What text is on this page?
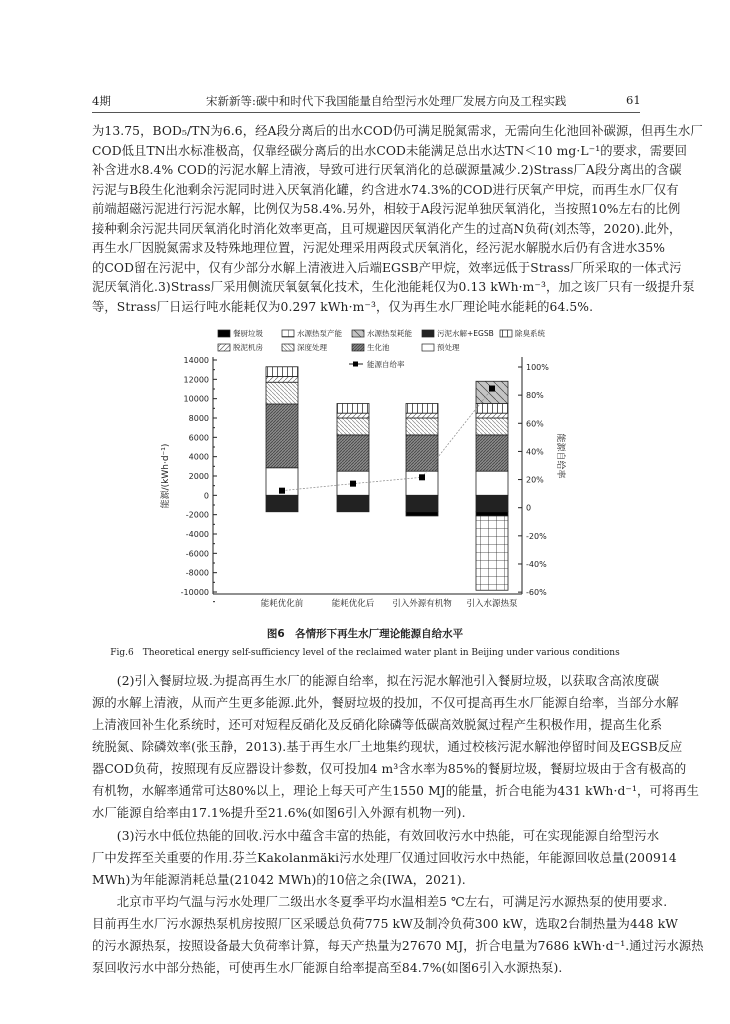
4期	宋新新等:碳中和时代下我国能量自给型污水处理厂发展方向及工程实践	61
为13.75，BOD₅/TN为6.6，经A段分离后的出水COD仍可满足脱氮需求，无需向生化池回补碳源，但再生水厂
COD低且TN出水标准极高，仅靠经碳分离后的出水COD未能满足总出水达TN＜10 mg·L⁻¹的要求，需要回
补含进水8.4% COD的污泥水解上清液，导致可进行厌氧消化的总碳源量减少.2)Strass厂A段分离出的含碳
污泥与B段生化池剩余污泥同时进入厌氧消化罐，约含进水74.3%的COD进行厌氧产甲烷，而再生水厂仅有
前端超磁污泥进行污泥水解，比例仅为58.4%.另外，相较于A段污泥单独厌氧消化，当按照10%左右的比例
接种剩余污泥共同厌氧消化时消化效率更高，且可规避因厌氧消化产生的过高N负荷(刘杰等，2020).此外，
再生水厂因脱氮需求及特殊地理位置，污泥处理采用两段式厌氧消化，经污泥水解脱水后仍有含进水35%
的COD留在污泥中，仅有少部分水解上清液进入后端EGSB产甲烷，效率远低于Strass厂所采取的一体式污
泥厌氧消化.3)Strass厂采用侧流厌氧氨氧化技术，生化池能耗仅为0.13 kWh·m⁻³，加之该厂只有一级提升泵
等，Strass厂日运行吨水能耗仅为0.297 kWh·m⁻³，仅为再生水厂理论吨水能耗的64.5%.
　　(2)引入餐厨垃圾.为提高再生水厂的能源自给率，拟在污泥水解池引入餐厨垃圾，以获取含高浓度碳
源的水解上清液，从而产生更多能源.此外，餐厨垃圾的投加，不仅可提高再生水厂能源自给率，当部分水解
上清液回补生化系统时，还可对短程反硝化及反硝化除磷等低碳高效脱氮过程产生积极作用，提高生化系
统脱氮、除磷效率(张玉静，2013).基于再生水厂土地集约现状，通过校核污泥水解池停留时间及EGSB反应
器COD负荷，按照现有反应器设计参数，仅可投加4 m³含水率为85%的餐厨垃圾，餐厨垃圾由于含有极高的
有机物，水解率通常可达80%以上，理论上每天可产生1550 MJ的能量，折合电能为431 kWh·d⁻¹，可将再生
水厂能源自给率由17.1%提升至21.6%(如图6引入外源有机物一列).
　　(3)污水中低位热能的回收.污水中蕴含丰富的热能，有效回收污水中热能，可在实现能源自给型污水
厂中发挥至关重要的作用.芬兰Kakolanmäki污水处理厂仅通过回收污水中热能，年能源回收总量(200914
MWh)为年能源消耗总量(21042 MWh)的10倍之余(IWA，2021).
　　北京市平均气温与污水处理厂二级出水冬夏季平均水温相差5 ℃左右，可满足污水源热泵的使用要求.
目前再生水厂污水源热泵机房按照厂区采暖总负荷775 kW及制冷负荷300 kW，选取2台制热量为448 kW
的污水源热泵，按照设备最大负荷率计算，每天产热量为27670 MJ，折合电量为7686 kWh·d⁻¹.通过污水源热
泵回收污水中部分热能，可使再生水厂能源自给率提高至84.7%(如图6引入水源热泵).
14000
12000
10000
8000
6000
4000
2000
0
-2000
-4000
-6000
-8000
-10000
100%
80%
60%
40%
20%
0
-20%
-40%
-60%
能源/(kWh·d⁻¹)	能源自给率
能耗优化前	能耗优化后 引入外源有机物 引入水源热泵
餐厨垃圾	水源热泵产能	水源热泵耗能	污泥水解+EGSB	除臭系统
脱泥机房	深度处理	生化池	预处理
能源自给率
图6　各情形下再生水厂理论能源自给水平
Fig.6　Theoretical energy self-sufficiency level of the reclaimed water plant in Beijing under various conditions
